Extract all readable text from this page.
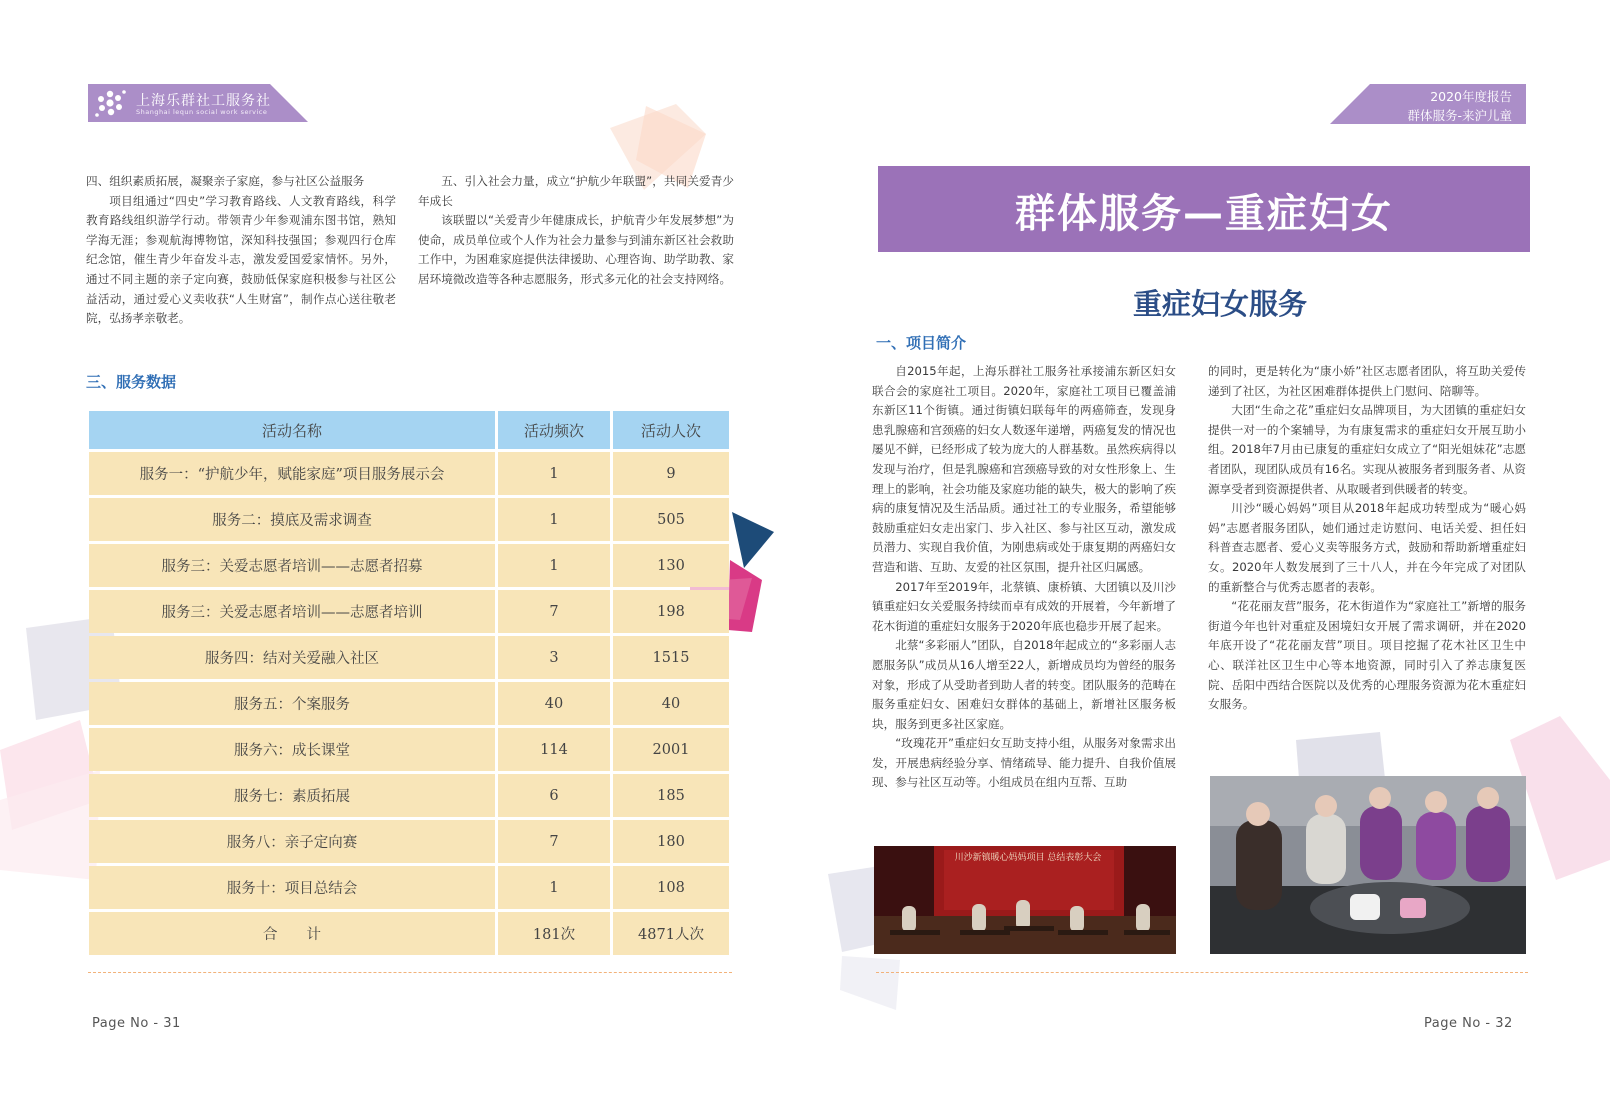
上海乐群社工服务社
Shanghai lequn social work service
2020年度报告
群体服务-来沪儿童

四、组织素质拓展，凝聚亲子家庭，参与社区公益服务

项目组通过“四史”学习教育路线、人文教育路线，科学教育路线组织游学行动。带领青少年参观浦东图书馆，熟知学海无涯；参观航海博物馆，深知科技强国；参观四行仓库纪念馆，催生青少年奋发斗志，激发爱国爱家情怀。另外，通过不同主题的亲子定向赛，鼓励低保家庭积极参与社区公益活动，通过爱心义卖收获“人生财富”，制作点心送往敬老院，弘扬孝亲敬老。

五、引入社会力量，成立“护航少年联盟”，共同关爱青少年成长

该联盟以“关爱青少年健康成长，护航青少年发展梦想”为使命，成员单位或个人作为社会力量参与到浦东新区社会救助工作中，为困难家庭提供法律援助、心理咨询、助学助教、家居环境微改造等各种志愿服务，形式多元化的社会支持网络。

三、服务数据
活动名称	活动频次	活动人次
服务一：“护航少年，赋能家庭”项目服务展示会	1	9
服务二：摸底及需求调查	1	505
服务三：关爱志愿者培训——志愿者招募	1	130
服务三：关爱志愿者培训——志愿者培训	7	198
服务四：结对关爱融入社区	3	1515
服务五：个案服务	40	40
服务六：成长课堂	114	2001
服务七：素质拓展	6	185
服务八：亲子定向赛	7	180
服务十：项目总结会	1	108
合　　计	181次	4871人次
Page No - 31
群体服务—重症妇女
重症妇女服务
一、项目简介

自2015年起，上海乐群社工服务社承接浦东新区妇女联合会的家庭社工项目。2020年，家庭社工项目已覆盖浦东新区11个街镇。通过街镇妇联每年的两癌筛查，发现身患乳腺癌和宫颈癌的妇女人数逐年递增，两癌复发的情况也屡见不鲜，已经形成了较为庞大的人群基数。虽然疾病得以发现与治疗，但是乳腺癌和宫颈癌导致的对女性形象上、生理上的影响，社会功能及家庭功能的缺失，极大的影响了疾病的康复情况及生活品质。通过社工的专业服务，希望能够鼓励重症妇女走出家门、步入社区、参与社区互动，激发成员潜力、实现自我价值，为刚患病或处于康复期的两癌妇女营造和谐、互助、友爱的社区氛围，提升社区归属感。

2017年至2019年，北蔡镇、康桥镇、大团镇以及川沙镇重症妇女关爱服务持续而卓有成效的开展着，今年新增了花木街道的重症妇女服务于2020年底也稳步开展了起来。

北蔡“多彩丽人”团队，自2018年起成立的“多彩丽人志愿服务队”成员从16人增至22人，新增成员均为曾经的服务对象，形成了从受助者到助人者的转变。团队服务的范畴在服务重症妇女、困难妇女群体的基础上，新增社区服务板块，服务到更多社区家庭。

“玫瑰花开”重症妇女互助支持小组，从服务对象需求出发，开展患病经验分享、情绪疏导、能力提升、自我价值展现、参与社区互动等。小组成员在组内互帮、互助

的同时，更是转化为“康小娇”社区志愿者团队，将互助关爱传递到了社区，为社区困难群体提供上门慰问、陪聊等。

大团“生命之花”重症妇女品牌项目，为大团镇的重症妇女提供一对一的个案辅导，为有康复需求的重症妇女开展互助小组。2018年7月由已康复的重症妇女成立了“阳光姐妹花”志愿者团队，现团队成员有16名。实现从被服务者到服务者、从资源享受者到资源提供者、从取暖者到供暖者的转变。

川沙“暖心妈妈”项目从2018年起成功转型成为“暖心妈妈”志愿者服务团队，她们通过走访慰问、电话关爱、担任妇科普查志愿者、爱心义卖等服务方式，鼓励和帮助新增重症妇女。2020年人数发展到了三十八人，并在今年完成了对团队的重新整合与优秀志愿者的表彰。

“花花丽友营”服务，花木街道作为“家庭社工”新增的服务街道今年也针对重症及困境妇女开展了需求调研，并在2020年底开设了“花花丽友营”项目。项目挖掘了花木社区卫生中心、联洋社区卫生中心等本地资源，同时引入了养志康复医院、岳阳中西结合医院以及优秀的心理服务资源为花木重症妇女服务。

川沙新镇暖心妈妈项目 总结表彰大会
Page No - 32
